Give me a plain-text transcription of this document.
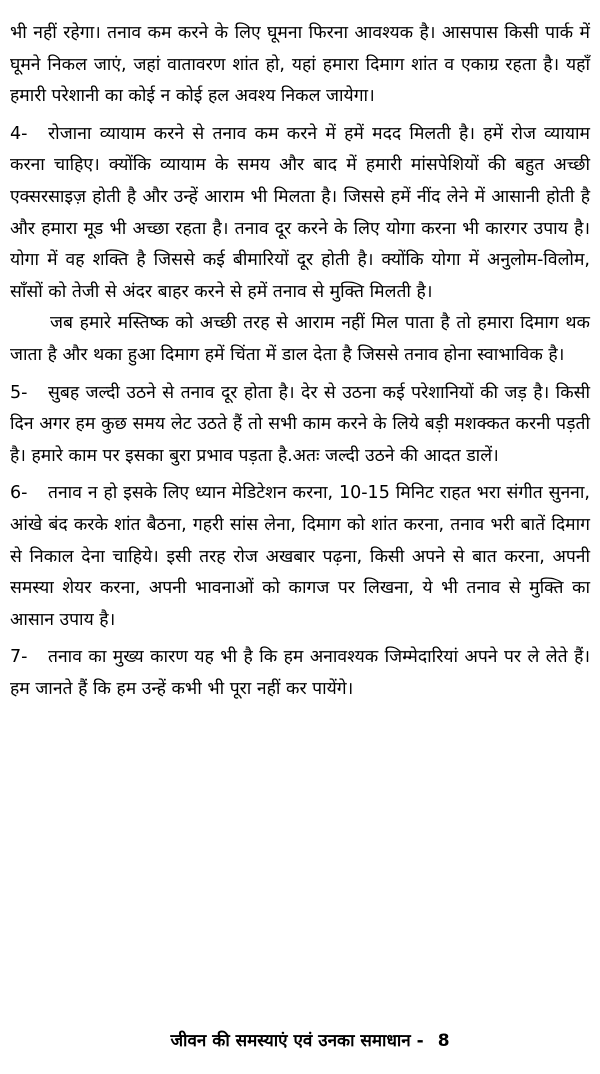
भी नहीं रहेगा। तनाव कम करने के लिए घूमना फिरना आवश्यक है। आसपास किसी पार्क में घूमने निकल जाएं, जहां वातावरण शांत हो, यहां हमारा दिमाग शांत व एकाग्र रहता है। यहाँ हमारी परेशानी का कोई न कोई हल अवश्य निकल जायेगा।

4- रोजाना व्यायाम करने से तनाव कम करने में हमें मदद मिलती है। हमें रोज व्यायाम करना चाहिए। क्योंकि व्यायाम के समय और बाद में हमारी मांसपेशियों की बहुत अच्छी एक्सरसाइज़ होती है और उन्हें आराम भी मिलता है। जिससे हमें नींद लेने में आसानी होती है और हमारा मूड भी अच्छा रहता है। तनाव दूर करने के लिए योगा करना भी कारगर उपाय है। योगा में वह शक्ति है जिससे कई बीमारियों दूर होती है। क्योंकि योगा में अनुलोम-विलोम, साँसों को तेजी से अंदर बाहर करने से हमें तनाव से मुक्ति मिलती है।

जब हमारे मस्तिष्क को अच्छी तरह से आराम नहीं मिल पाता है तो हमारा दिमाग थक जाता है और थका हुआ दिमाग हमें चिंता में डाल देता है जिससे तनाव होना स्वाभाविक है।

5- सुबह जल्दी उठने से तनाव दूर होता है। देर से उठना कई परेशानियों की जड़ है। किसी दिन अगर हम कुछ समय लेट उठते हैं तो सभी काम करने के लिये बड़ी मशक्कत करनी पड़ती है। हमारे काम पर इसका बुरा प्रभाव पड़ता है.अतः जल्दी उठने की आदत डालें।

6- तनाव न हो इसके लिए ध्यान मेडिटेशन करना, 10-15 मिनिट राहत भरा संगीत सुनना, आंखे बंद करके शांत बैठना, गहरी सांस लेना, दिमाग को शांत करना, तनाव भरी बातें दिमाग से निकाल देना चाहिये। इसी तरह रोज अखबार पढ़ना, किसी अपने से बात करना, अपनी समस्या शेयर करना, अपनी भावनाओं को कागज पर लिखना, ये भी तनाव से मुक्ति का आसान उपाय है।

7- तनाव का मुख्य कारण यह भी है कि हम अनावश्यक जिम्मेदारियां अपने पर ले लेते हैं। हम जानते हैं कि हम उन्हें कभी भी पूरा नहीं कर पायेंगे।

जीवन की समस्याएं एवं उनका समाधान - 8
